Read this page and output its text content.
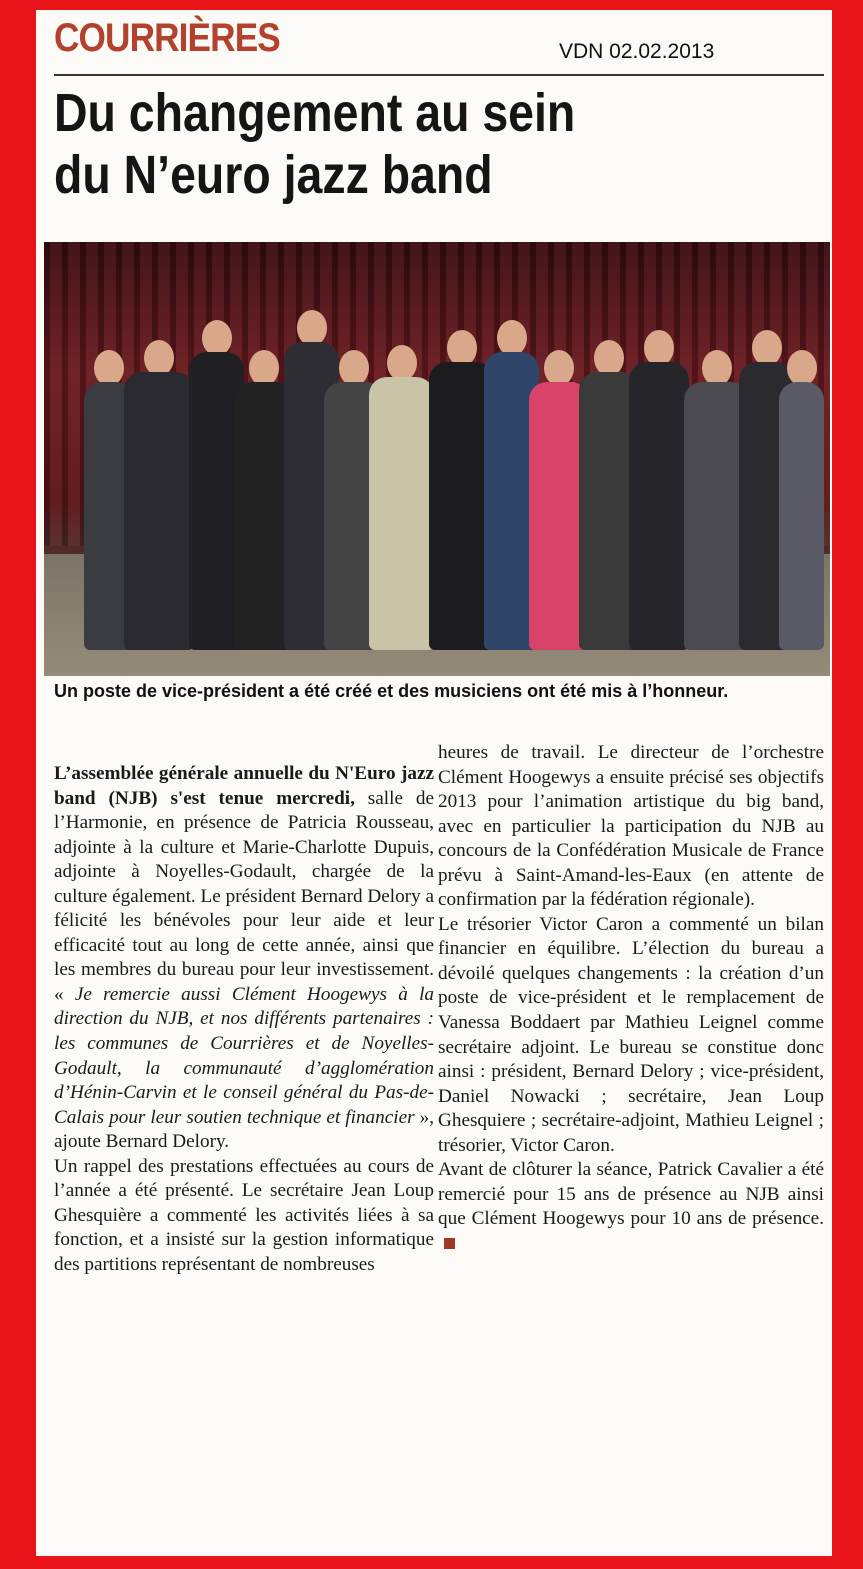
COURRIÈRES	VDN 02.02.2013
Du changement au sein
du N’euro jazz band
Un poste de vice-président a été créé et des musiciens ont été mis à l’honneur.

L’assemblée générale annuelle du N'Euro jazz band (NJB) s'est tenue mercredi, salle de l’Harmonie, en présence de Patricia Rousseau, adjointe à la culture et Marie-Charlotte Dupuis, adjointe à Noyelles-Godault, chargée de la culture également. Le président Bernard Delory a félicité les bénévoles pour leur aide et leur efficacité tout au long de cette année, ainsi que les membres du bureau pour leur investissement. « Je remercie aussi Clément Hoogewys à la direction du NJB, et nos différents partenaires : les communes de Courrières et de Noyelles-Godault, la communauté d’agglomération d’Hénin-Carvin et le conseil général du Pas-de-Calais pour leur soutien technique et financier », ajoute Bernard Delory.

Un rappel des prestations effectuées au cours de l’année a été présenté. Le secrétaire Jean Loup Ghesquière a commenté les activités liées à sa fonction, et a insisté sur la gestion informatique des partitions représentant de nombreuses

heures de travail. Le directeur de l’orchestre Clément Hoogewys a ensuite précisé ses objectifs 2013 pour l’animation artistique du big band, avec en particulier la participation du NJB au concours de la Confédération Musicale de France prévu à Saint-Amand-les-Eaux (en attente de confirmation par la fédération régionale).

Le trésorier Victor Caron a commenté un bilan financier en équilibre. L’élection du bureau a dévoilé quelques changements : la création d’un poste de vice-président et le remplacement de Vanessa Boddaert par Mathieu Leignel comme secrétaire adjoint. Le bureau se constitue donc ainsi : président, Bernard Delory ; vice-président, Daniel Nowacki ; secrétaire, Jean Loup Ghesquiere ; secrétaire-adjoint, Mathieu Leignel ; trésorier, Victor Caron.

Avant de clôturer la séance, Patrick Cavalier a été remercié pour 15 ans de présence au NJB ainsi que Clément Hoogewys pour 10 ans de présence.
